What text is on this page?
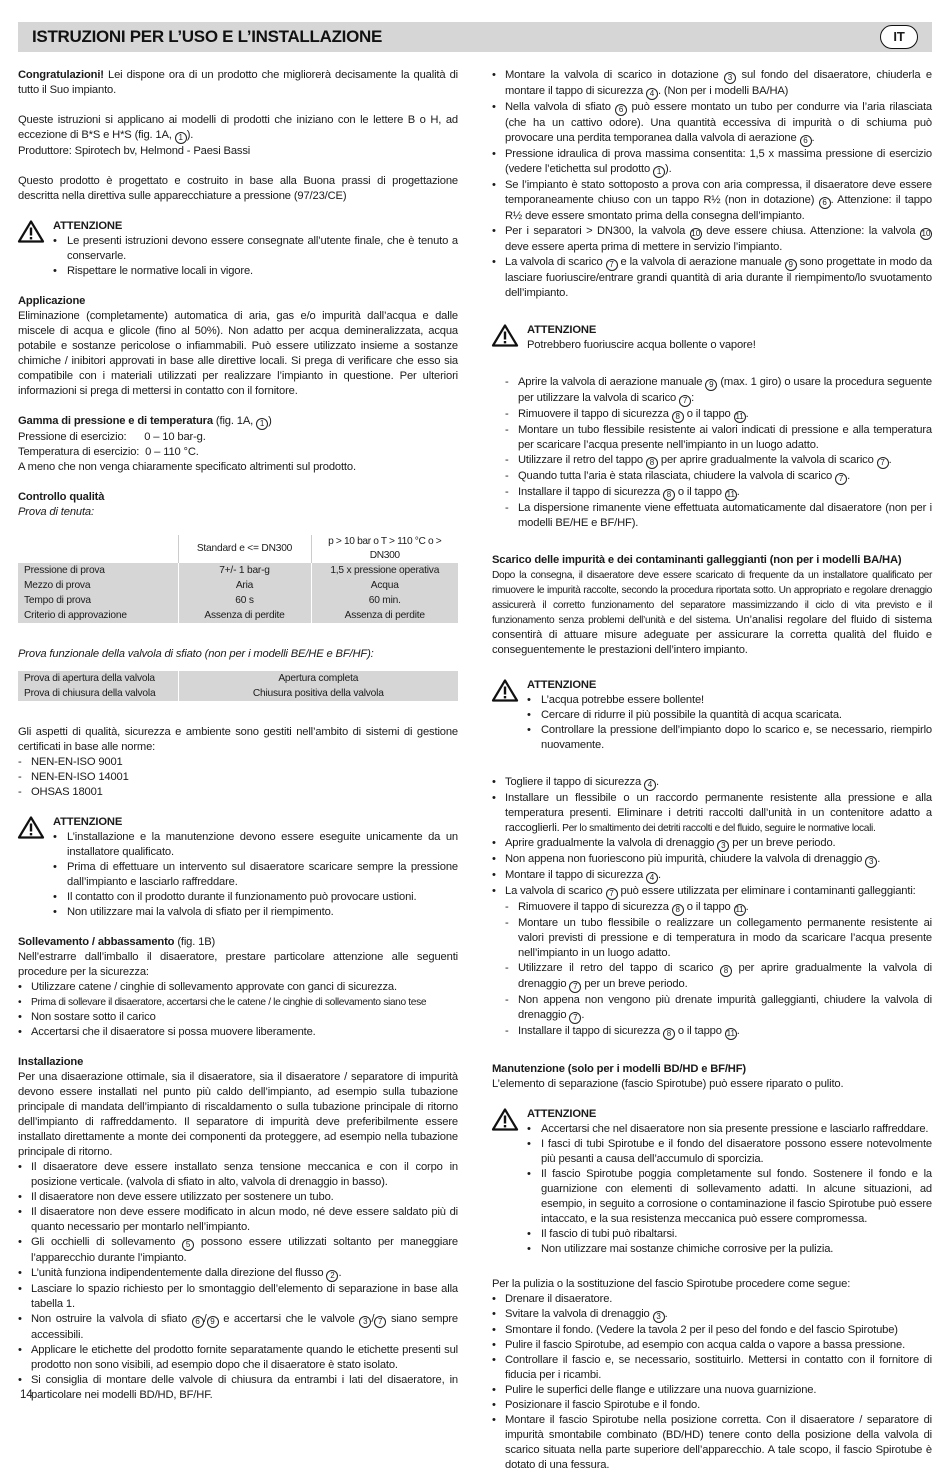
ISTRUZIONI PER L’USO E L’INSTALLAZIONE	IT

Congratulazioni! Lei dispone ora di un prodotto che migliorerà decisamente la qualità di tutto il Suo impianto.

Queste istruzioni si applicano ai modelli di prodotti che iniziano con le lettere B o H, ad eccezione di B*S e H*S (fig. 1A, 1 ).

Produttore: Spirotech bv, Helmond - Paesi Bassi

Questo prodotto è progettato e costruito in base alla Buona prassi di progettazione descritta nella direttiva sulle apparecchiature a pressione (97/23/CE)

ATTENZIONE
• Le presenti istruzioni devono essere consegnate all’utente finale, che è tenuto a conservarle.
• Rispettare le normative locali in vigore.

Applicazione

Eliminazione (completamente) automatica di aria, gas e/o impurità dall’acqua e dalle miscele di acqua e glicole (fino al 50%). Non adatto per acqua demineralizzata, acqua potabile e sostanze pericolose o infiammabili. Può essere utilizzato insieme a sostanze chimiche / inibitori approvati in base alle direttive locali. Si prega di verificare che esso sia compatibile con i materiali utilizzati per realizzare l’impianto in questione. Per ulteriori informazioni si prega di mettersi in contatto con il fornitore.

Gamma di pressione e di temperatura (fig. 1A, 1 )

Pressione di esercizio:      0 – 10 bar-g.

Temperatura di esercizio:  0 – 110 °C.

A meno che non venga chiaramente specificato altrimenti sul prodotto.

Controllo qualità

Prova di tenuta:

	Standard e <= DN300	p > 10 bar o T > 110 °C o > DN300
Pressione di prova	7+/- 1 bar-g	1,5 x pressione operativa
Mezzo di prova	Aria	Acqua
Tempo di prova	60 s	60 min.
Criterio di approvazione	Assenza di perdite	Assenza di perdite

Prova funzionale della valvola di sfiato (non per i modelli BE/HE e BF/HF):

Prova di apertura della valvola	Apertura completa
Prova di chiusura della valvola	Chiusura positiva della valvola

Gli aspetti di qualità, sicurezza e ambiente sono gestiti nell’ambito di sistemi di gestione certificati in base alle norme:

- NEN-EN-ISO 9001
- NEN-EN-ISO 14001
- OHSAS 18001
ATTENZIONE
• L’installazione e la manutenzione devono essere eseguite unicamente da un installatore qualificato.
• Prima di effettuare un intervento sul disaeratore scaricare sempre la pressione dall’impianto e lasciarlo raffreddare.
• Il contatto con il prodotto durante il funzionamento può provocare ustioni.
• Non utilizzare mai la valvola di sfiato per il riempimento.

Sollevamento / abbassamento (fig. 1B)

Nell’estrarre dall’imballo il disaeratore, prestare particolare attenzione alle seguenti procedure per la sicurezza:

• Utilizzare catene / cinghie di sollevamento approvate con ganci di sicurezza.
• Prima di sollevare il disaeratore, accertarsi che le catene / le cinghie di sollevamento siano tese
• Non sostare sotto il carico
• Accertarsi che il disaeratore si possa muovere liberamente.

Installazione

Per una disaerazione ottimale, sia il disaeratore, sia il disaeratore / separatore di impurità devono essere installati nel punto più caldo dell’impianto, ad esempio sulla tubazione principale di mandata dell’impianto di riscaldamento o sulla tubazione principale di ritorno dell’impianto di raffreddamento. Il separatore di impurità deve preferibilmente essere installato direttamente a monte dei componenti da proteggere, ad esempio nella tubazione principale di ritorno.

• Il disaeratore deve essere installato senza tensione meccanica e con il corpo in posizione verticale. (valvola di sfiato in alto, valvola di drenaggio in basso).
• Il disaeratore non deve essere utilizzato per sostenere un tubo.
• Il disaeratore non deve essere modificato in alcun modo, né deve essere saldato più di quanto necessario per montarlo nell’impianto.
• Gli occhielli di sollevamento 5 possono essere utilizzati soltanto per maneggiare l’apparecchio durante l’impianto.
• L’unità funziona indipendentemente dalla direzione del flusso 2 .
• Lasciare lo spazio richiesto per lo smontaggio dell’elemento di separazione in base alla tabella 1.
• Non ostruire la valvola di sfiato 6 / 9 e accertarsi che le valvole 3 / 7 siano sempre accessibili.
• Applicare le etichette del prodotto fornite separatamente quando le etichette presenti sul prodotto non sono visibili, ad esempio dopo che il disaeratore è stato isolato.
• Si consiglia di montare delle valvole di chiusura da entrambi i lati del disaeratore, in particolare nei modelli BD/HD, BF/HF.
• Montare la valvola di scarico in dotazione 3 sul fondo del disaeratore, chiuderla e montare il tappo di sicurezza 4 . (Non per i modelli BA/HA)
• Nella valvola di sfiato 6 può essere montato un tubo per condurre via l’aria rilasciata (che ha un cattivo odore). Una quantità eccessiva di impurità o di schiuma può provocare una perdita temporanea dalla valvola di aerazione 6 .
• Pressione idraulica di prova massima consentita: 1,5 x massima pressione di esercizio (vedere l’etichetta sul prodotto 1 ).
• Se l’impianto è stato sottoposto a prova con aria compressa, il disaeratore deve essere temporaneamente chiuso con un tappo R½ (non in dotazione) 6 . Attenzione: il tappo R½ deve essere smontato prima della consegna dell’impianto.
• Per i separatori > DN300, la valvola 10 deve essere chiusa. Attenzione: la valvola 10 deve essere aperta prima di mettere in servizio l’impianto.
• La valvola di scarico 7 e la valvola di aerazione manuale 9 sono progettate in modo da lasciare fuoriuscire/entrare grandi quantità di aria durante il riempimento/lo svuotamento dell’impianto.
ATTENZIONE
Potrebbero fuoriuscire acqua bollente o vapore!
- Aprire la valvola di aerazione manuale 9 (max. 1 giro) o usare la procedura seguente per utilizzare la valvola di scarico 7 :
- Rimuovere il tappo di sicurezza 8 o il tappo 11 .
- Montare un tubo flessibile resistente ai valori indicati di pressione e alla temperatura per scaricare l’acqua presente nell’impianto in un luogo adatto.
- Utilizzare il retro del tappo 8 per aprire gradualmente la valvola di scarico 7 .
- Quando tutta l’aria è stata rilasciata, chiudere la valvola di scarico 7 .
- Installare il tappo di sicurezza 8 o il tappo 11 .
- La dispersione rimanente viene effettuata automaticamente dal disaeratore (non per i modelli BE/HE e BF/HF).

Scarico delle impurità e dei contaminanti galleggianti (non per i modelli BA/HA)

Dopo la consegna, il disaeratore deve essere scaricato di frequente da un installatore qualificato per rimuovere le impurità raccolte, secondo la procedura riportata sotto. Un appropriato e regolare drenaggio assicurerà il corretto funzionamento del separatore massimizzando il ciclo di vita previsto e il funzionamento senza problemi dell’unità e del sistema. Un’analisi regolare del fluido di sistema consentirà di attuare misure adeguate per assicurare la corretta qualità del fluido e conseguentemente le prestazioni dell’intero impianto.

ATTENZIONE
• L’acqua potrebbe essere bollente!
• Cercare di ridurre il più possibile la quantità di acqua scaricata.
• Controllare la pressione dell’impianto dopo lo scarico e, se necessario, riempirlo nuovamente.
• Togliere il tappo di sicurezza 4 .
• Installare un flessibile o un raccordo permanente resistente alla pressione e alla temperatura presenti. Eliminare i detriti raccolti dall’unità in un contenitore adatto a raccoglierli. Per lo smaltimento dei detriti raccolti e del fluido, seguire le normative locali.
• Aprire gradualmente la valvola di drenaggio 3 per un breve periodo.
• Non appena non fuoriescono più impurità, chiudere la valvola di drenaggio 3 .
• Montare il tappo di sicurezza 4 .
• La valvola di scarico 7 può essere utilizzata per eliminare i contaminanti galleggianti:
- Rimuovere il tappo di sicurezza 8 o il tappo 11 .
- Montare un tubo flessibile o realizzare un collegamento permanente resistente ai valori previsti di pressione e di temperatura in modo da scaricare l’acqua presente nell’impianto in un luogo adatto.
- Utilizzare il retro del tappo di scarico 8 per aprire gradualmente la valvola di drenaggio 7 per un breve periodo.
- Non appena non vengono più drenate impurità galleggianti, chiudere la valvola di drenaggio 7 .
- Installare il tappo di sicurezza 8 o il tappo 11 .

Manutenzione (solo per i modelli BD/HD e BF/HF)

L’elemento di separazione (fascio Spirotube) può essere riparato o pulito.

ATTENZIONE
• Accertarsi che nel disaeratore non sia presente pressione e lasciarlo raffreddare.
• I fasci di tubi Spirotube e il fondo del disaeratore possono essere notevolmente più pesanti a causa dell’accumulo di sporcizia.
• Il fascio Spirotube poggia completamente sul fondo. Sostenere il fondo e la guarnizione con elementi di sollevamento adatti. In alcune situazioni, ad esempio, in seguito a corrosione o contaminazione il fascio Spirotube può essere intaccato, e la sua resistenza meccanica può essere compromessa.
• Il fascio di tubi può ribaltarsi.
• Non utilizzare mai sostanze chimiche corrosive per la pulizia.

Per la pulizia o la sostituzione del fascio Spirotube procedere come segue:

• Drenare il disaeratore.
• Svitare la valvola di drenaggio 3 .
• Smontare il fondo. (Vedere la tavola 2 per il peso del fondo e del fascio Spirotube)
• Pulire il fascio Spirotube, ad esempio con acqua calda o vapore a bassa pressione.
• Controllare il fascio e, se necessario, sostituirlo. Mettersi in contatto con il fornitore di fiducia per i ricambi.
• Pulire le superfici delle flange e utilizzare una nuova guarnizione.
• Posizionare il fascio Spirotube e il fondo.
• Montare il fascio Spirotube nella posizione corretta. Con il disaeratore / separatore di impurità smontabile combinato (BD/HD) tenere conto della posizione della valvola di scarico situata nella parte superiore dell’apparecchio. A tale scopo, il fascio Spirotube è dotato di una fessura.
14
